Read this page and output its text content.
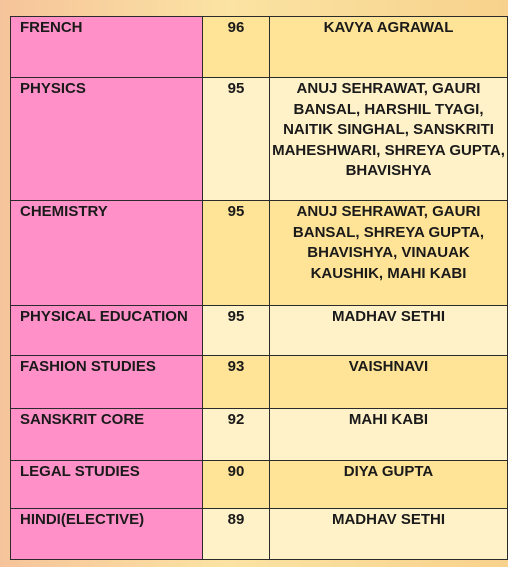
FRENCH	96	KAVYA AGRAWAL
PHYSICS	95	ANUJ SEHRAWAT, GAURI BANSAL, HARSHIL TYAGI, NAITIK SINGHAL, SANSKRITI MAHESHWARI, SHREYA GUPTA, BHAVISHYA
CHEMISTRY	95	ANUJ SEHRAWAT, GAURI BANSAL, SHREYA GUPTA, BHAVISHYA, VINAUAK KAUSHIK, MAHI KABI
PHYSICAL EDUCATION	95	MADHAV SETHI
FASHION STUDIES	93	VAISHNAVI
SANSKRIT CORE	92	MAHI KABI
LEGAL STUDIES	90	DIYA GUPTA
HINDI(ELECTIVE)	89	MADHAV SETHI
